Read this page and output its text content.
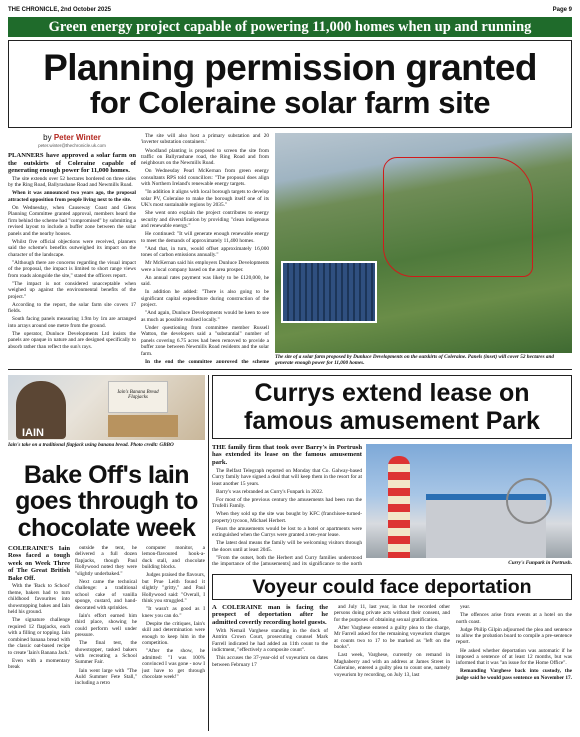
THE CHRONICLE, 2nd October 2025	Page 9
Green energy project capable of powering 11,000 homes when up and running
Planning permission granted
for Coleraine solar farm site
by Peter Winter
peter.winter@thechronicle.uk.com

PLANNERS have approved a solar farm on the outskirts of Coleraine capable of generating enough power for 11,000 homes.

The site extends over 52 hectares bordered on three sides by the Ring Road, Ballyrashane Road and Newmills Road.

When it was announced two years ago, the proposal attracted opposition from people living next to the site.

On Wednesday, when Causeway Coast and Glens Planning Committee granted approval, members heard the firm behind the scheme had "compromised" by submitting a revised layout to include a buffer zone between the solar panels and the nearby houses.

Whilst five official objections were received, planners said the scheme's benefits outweighed its impact on the character of the landscape.

"Although there are concerns regarding the visual impact of the proposal, the impact is limited to short range views from roads alongside the site," stated the officers report.

"The impact is not considered unacceptable when weighed up against the environmental benefits of the project."

According to the report, the solar farm site covers 17 fields.

South facing panels measuring 1.9m by 1m are arranged into arrays around one metre from the ground.

The operator, Dunluce Developments Ltd insists the panels are opaque in nature and are designed specifically to absorb rather than reflect the sun's rays.

The site will also host a primary substation and 20 'inverter substation containers.'

Woodland planting is proposed to screen the site from traffic on Ballyrashane road, the Ring Road and from neighbours on the Newmills Road.

On Wednesday Pearl McKernan from green energy consultants RPS told councillors: "The proposal does align with Northern Ireland's renewable energy targets.

"In addition it aligns with local borough targets to develop solar PV, Coleraine to make the borough itself one of its UK's most sustainable regions by 2035."

She went onto explain the project contributes to energy security and diversification by providing "clean indigenous and renewable energy."

He continued: "It will generate enough renewable energy to meet the demands of approximately 11,400 homes.

"And that, in turn, would offset approximately 16,000 tones of carbon emissions annually."

Mr McKernan said his employers Dunluce Developments were a local company based on the area prosper.

An annual rates payment was likely to be £120,000, he said.

In addition he added: "There is also going to be significant capital expenditure during construction of the project.

"And again, Dunluce Developments would be keen to see as much as possible realised locally."

Under questioning from committee member Russell Watton, the developers said a "substantial" number of panels covering 6.75 acres had been removed to provide a buffer zone between Newmills Road residents and the solar farm.

In the end the committee approved the scheme

The site of a solar farm proposed by Dunluce Developments on the outskirts of Coleraine. Panels (inset) will cover 52 hectares and generate enough power for 11,000 homes.
IAIN
Iain's Banana Bread Flapjacks
Iain's take on a traditional flapjack using banana bread. Photo credit: GBBO
Bake Off's Iain
goes through to
chocolate week

COLERAINE'S Iain Ross faced a tough week on Week Three of The Great British Bake Off.

With the 'Back to School' theme, bakers had to turn childhood favourites into showstopping bakes and Iain held his ground.

The signature challenge required 12 flapjacks, each with a filling or topping. Iain combined banana bread with the classic oat-based recipe to create 'Iain's Banana Jack.'

Even with a momentary break

outside the tent, he delivered a full dozen flapjacks, though Paul Hollywood noted they were "slightly underbaked."

Next came the technical challenge: a traditional school cake of vanilla sponge, custard, and hand-decorated with sprinkles.

Iain's effort earned him third place, showing he could perform well under pressure.

The final test, the showstopper, tasked bakers with recreating a School Summer Fair.

Iain went large with "The Auld Summer Fete Stall," including a retro

computer monitor, a lemon-flavoured hook-a-duck stall, and chocolate building blocks.

Judges praised the flavours, but Prue Leith found it slightly "gritty," and Paul Hollywood said: "Overall, I think you struggled."

"It wasn't as good as I knew you can do."

Despite the critiques, Iain's skill and determination were enough to keep him in the competition.

"After the show, he admitted: "I was 100% convinced I was gone - now I just have to get through chocolate week!"

Currys extend lease on
famous amusement Park

THE family firm that took over Barry's in Portrush has extended its lease on the famous amusement park.

The Belfast Telegraph reported on Monday that Co. Galway-based Curry family have signed a deal that will keep them in the resort for at least another 15 years.

Barry's was rebranded as Curry's Funpark in 2022.

For most of the previous century the amusements had been run the Trufelli Family.

When they sold up the site was bought by KFC (franchisee-turned-property) tycoon, Michael Herbert.

Fears the amusements would be lost to a hotel or apartments were extinguished when the Currys were granted a ten-year lease.

The latest deal means the family will be welcoming visitors through the doors until at least 2045.

"From the outset, both the Herbert and Curry families understood the importance of the [amusements] and its significance to the north	Curry's Funpark in Portrush.
Voyeur could face deportation

A COLERAINE man is facing the prospect of deportation after he admitted covertly recording hotel guests.

With Nemail Varghese standing in the dock of Antrim Crown Court, prosecuting counsel Mark Farrell indicated he had added an 11th count to the indictment, "effectively a composite count".

This accuses the 37-year-old of voyeurism on dates between February 17

and July 11, last year, in that he recorded other persons doing private acts without their consent, and for the purposes of obtaining sexual gratification.

After Varghese entered a guilty plea to the charge, Mr Farrell asked for the remaining voyeurism charges at counts two to 17 to be marked as "left on the books".

Last week, Varghese, currently on remand in Maghaberry and with an address at James Street in Coleraine, entered a guilty plea to count one, namely voyeurism by recording, on July 13, last

year.

The offences arise from events at a hotel on the north coast.

Judge Philip Gilpin adjourned the plea and sentence to allow the probation board to compile a pre-sentence report.

He asked whether deportation was automatic if he imposed a sentence of at least 12 months, but was informed that it was "an issue for the Home Office".

Remanding Varghese back into custody, the judge said he would pass sentence on November 17.
